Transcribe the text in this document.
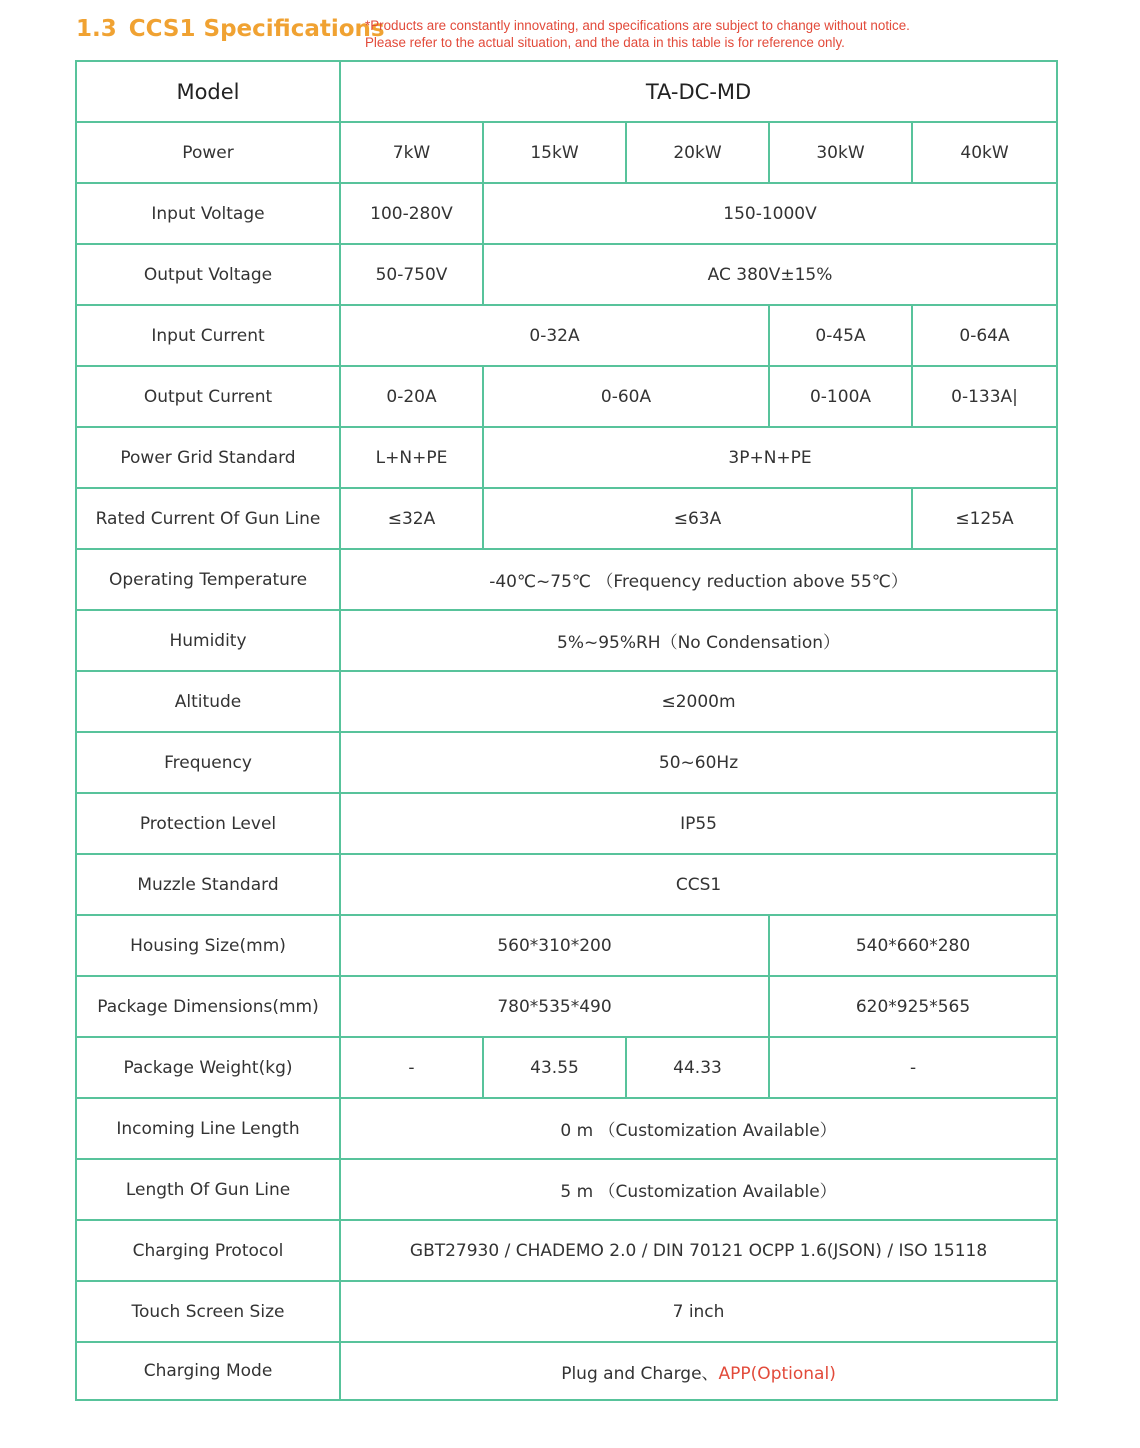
1.3 CCS1 Specifications
*Products are constantly innovating, and specifications are subject to change without notice.
Please refer to the actual situation, and the data in this table is for reference only.
Model	TA-DC-MD				
Power	7kW	15kW	20kW	30kW	40kW
Input Voltage	100-280V	150-1000V			
Output Voltage	50-750V	AC 380V±15%			
Input Current	0-32A			0-45A	0-64A
Output Current	0-20A	0-60A		0-100A	0-133A|
Power Grid Standard	L+N+PE	3P+N+PE			
Rated Current Of Gun Line	≤32A	≤63A			≤125A
Operating Temperature	-40℃~75℃ （Frequency reduction above 55℃）				
Humidity	5%~95%RH（No Condensation）				
Altitude	≤2000m				
Frequency	50~60Hz				
Protection Level	IP55				
Muzzle Standard	CCS1				
Housing Size(mm)	560*310*200			540*660*280	
Package Dimensions(mm)	780*535*490			620*925*565	
Package Weight(kg)	-	43.55	44.33	-	
Incoming Line Length	0 m （Customization Available）				
Length Of Gun Line	5 m （Customization Available）				
Charging Protocol	GBT27930 / CHADEMO 2.0 / DIN 70121 OCPP 1.6(JSON) / ISO 15118				
Touch Screen Size	7 inch				
Charging Mode	Plug and Charge、APP(Optional)				
